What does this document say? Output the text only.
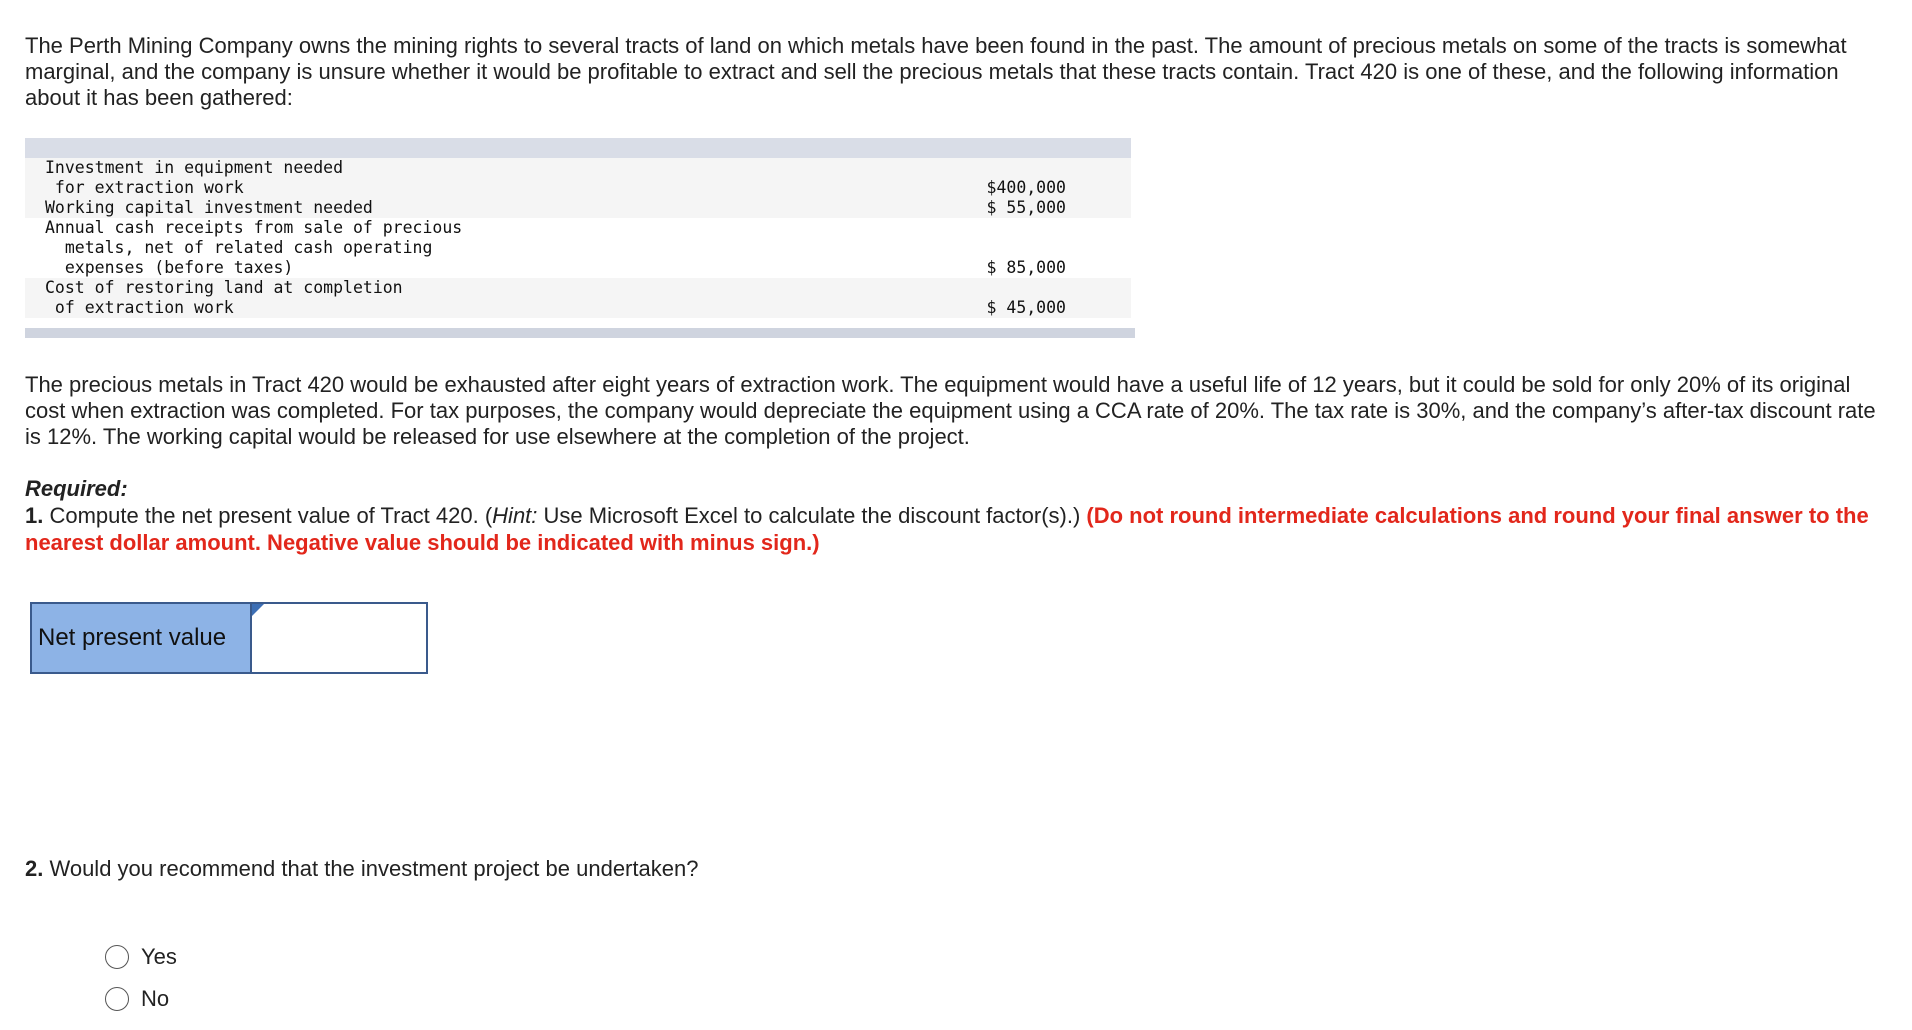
The Perth Mining Company owns the mining rights to several tracts of land on which metals have been found in the past. The amount of precious metals on some of the tracts is somewhat marginal, and the company is unsure whether it would be profitable to extract and sell the precious metals that these tracts contain. Tract 420 is one of these, and the following information about it has been gathered:

Investment in equipment needed
for extraction work	$400,000
Working capital investment needed	$ 55,000
Annual cash receipts from sale of precious
metals, net of related cash operating
expenses (before taxes)	$ 85,000
Cost of restoring land at completion
of extraction work	$ 45,000

The precious metals in Tract 420 would be exhausted after eight years of extraction work. The equipment would have a useful life of 12 years, but it could be sold for only 20% of its original cost when extraction was completed. For tax purposes, the company would depreciate the equipment using a CCA rate of 20%. The tax rate is 30%, and the company’s after-tax discount rate is 12%. The working capital would be released for use elsewhere at the completion of the project.

Required:

1. Compute the net present value of Tract 420. (Hint: Use Microsoft Excel to calculate the discount factor(s).) (Do not round intermediate calculations and round your final answer to the nearest dollar amount. Negative value should be indicated with minus sign.)

Net present value

2. Would you recommend that the investment project be undertaken?

Yes
No
